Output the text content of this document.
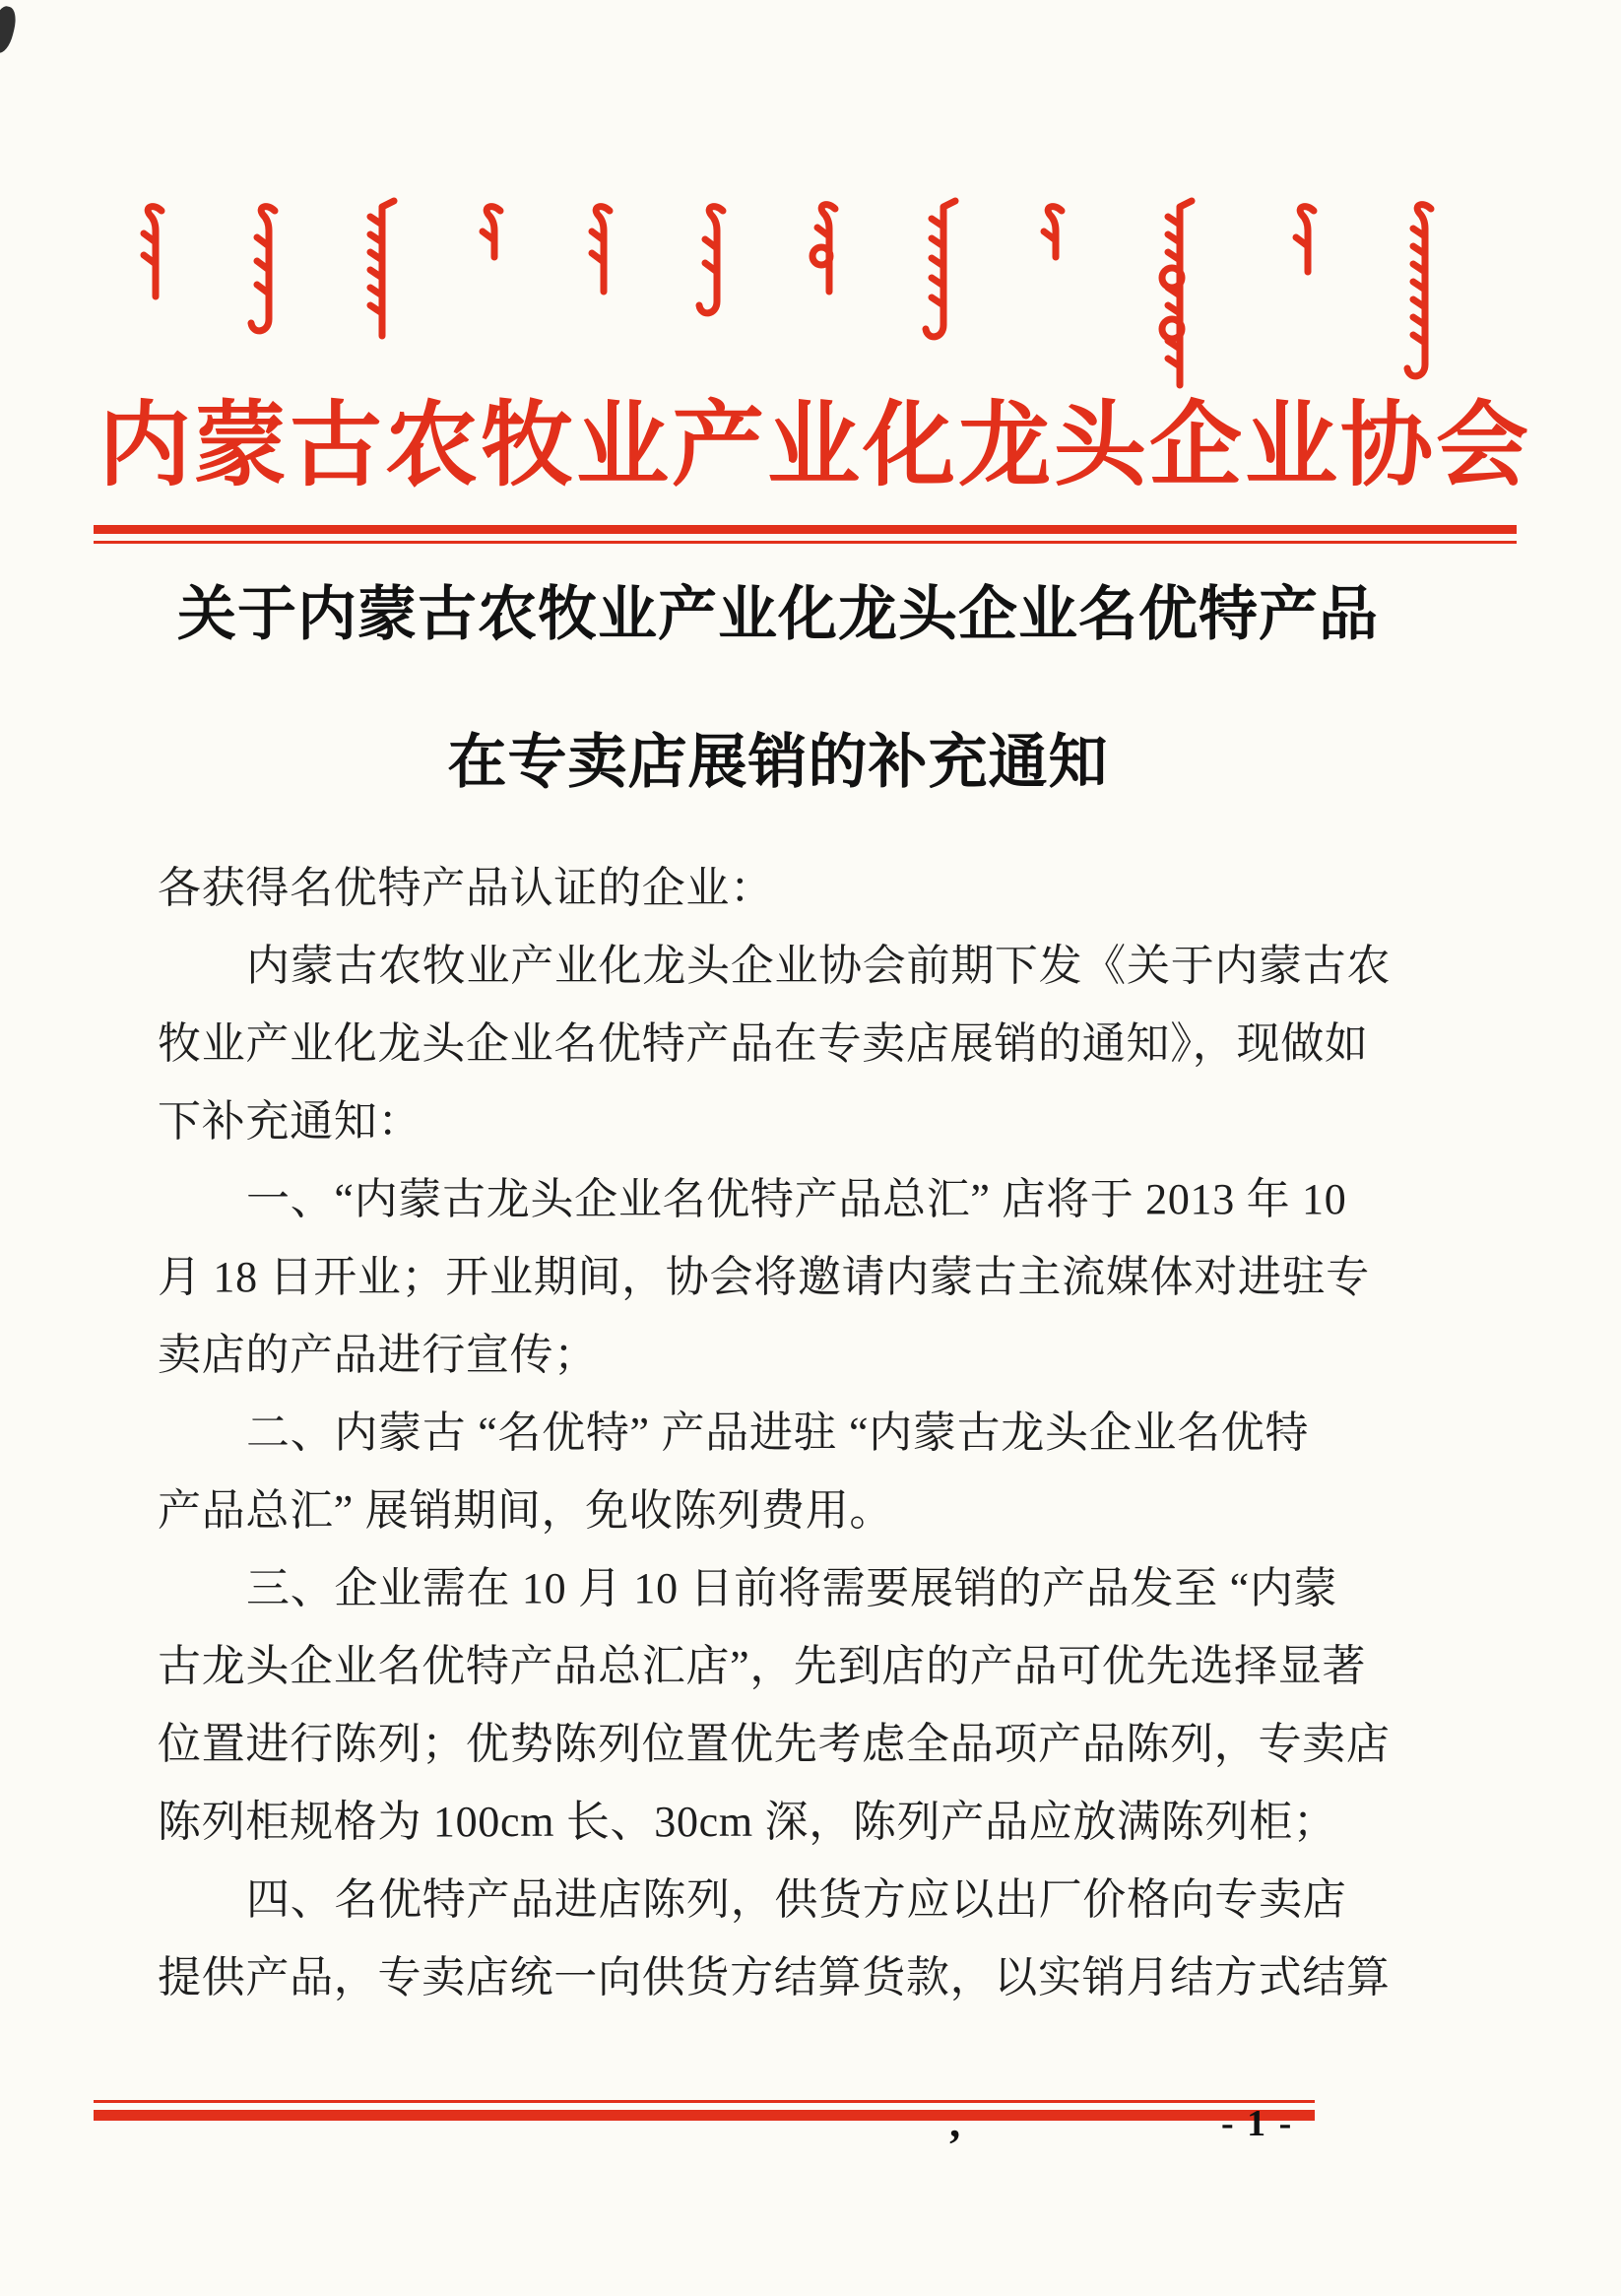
内蒙古农牧业产业化龙头企业协会
关于内蒙古农牧业产业化龙头企业名优特产品
在专卖店展销的补充通知
各获得名优特产品认证的企业：
内蒙古农牧业产业化龙头企业协会前期下发《关于内蒙古农
牧业产业化龙头企业名优特产品在专卖店展销的通知》，现做如
下补充通知：
一、“内蒙古龙头企业名优特产品总汇” 店将于 2013 年 10
月 18 日开业；开业期间，协会将邀请内蒙古主流媒体对进驻专
卖店的产品进行宣传；
二、内蒙古 “名优特” 产品进驻 “内蒙古龙头企业名优特
产品总汇” 展销期间，免收陈列费用。
三、企业需在 10 月 10 日前将需要展销的产品发至 “内蒙
古龙头企业名优特产品总汇店”，先到店的产品可优先选择显著
位置进行陈列；优势陈列位置优先考虑全品项产品陈列，专卖店
陈列柜规格为 100cm 长、30cm 深，陈列产品应放满陈列柜；
四、名优特产品进店陈列，供货方应以出厂价格向专卖店
提供产品，专卖店统一向供货方结算货款，以实销月结方式结算
- 1 -
’
